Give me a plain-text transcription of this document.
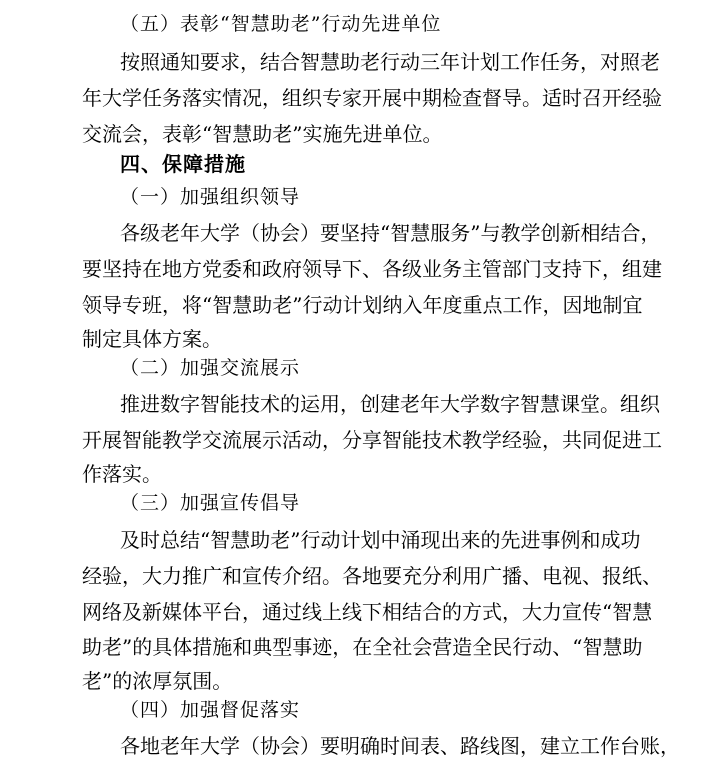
（五）表彰“智慧助老”行动先进单位
按照通知要求，结合智慧助老行动三年计划工作任务，对照老
年大学任务落实情况，组织专家开展中期检查督导。适时召开经验
交流会，表彰“智慧助老”实施先进单位。
四、保障措施
（一）加强组织领导
各级老年大学（协会）要坚持“智慧服务”与教学创新相结合，
要坚持在地方党委和政府领导下、各级业务主管部门支持下，组建
领导专班，将“智慧助老”行动计划纳入年度重点工作，因地制宜
制定具体方案。
（二）加强交流展示
推进数字智能技术的运用，创建老年大学数字智慧课堂。组织
开展智能教学交流展示活动，分享智能技术教学经验，共同促进工
作落实。
（三）加强宣传倡导
及时总结“智慧助老”行动计划中涌现出来的先进事例和成功
经验，大力推广和宣传介绍。各地要充分利用广播、电视、报纸、
网络及新媒体平台，通过线上线下相结合的方式，大力宣传“智慧
助老”的具体措施和典型事迹，在全社会营造全民行动、“智慧助
老”的浓厚氛围。
（四）加强督促落实
各地老年大学（协会）要明确时间表、路线图，建立工作台账，
